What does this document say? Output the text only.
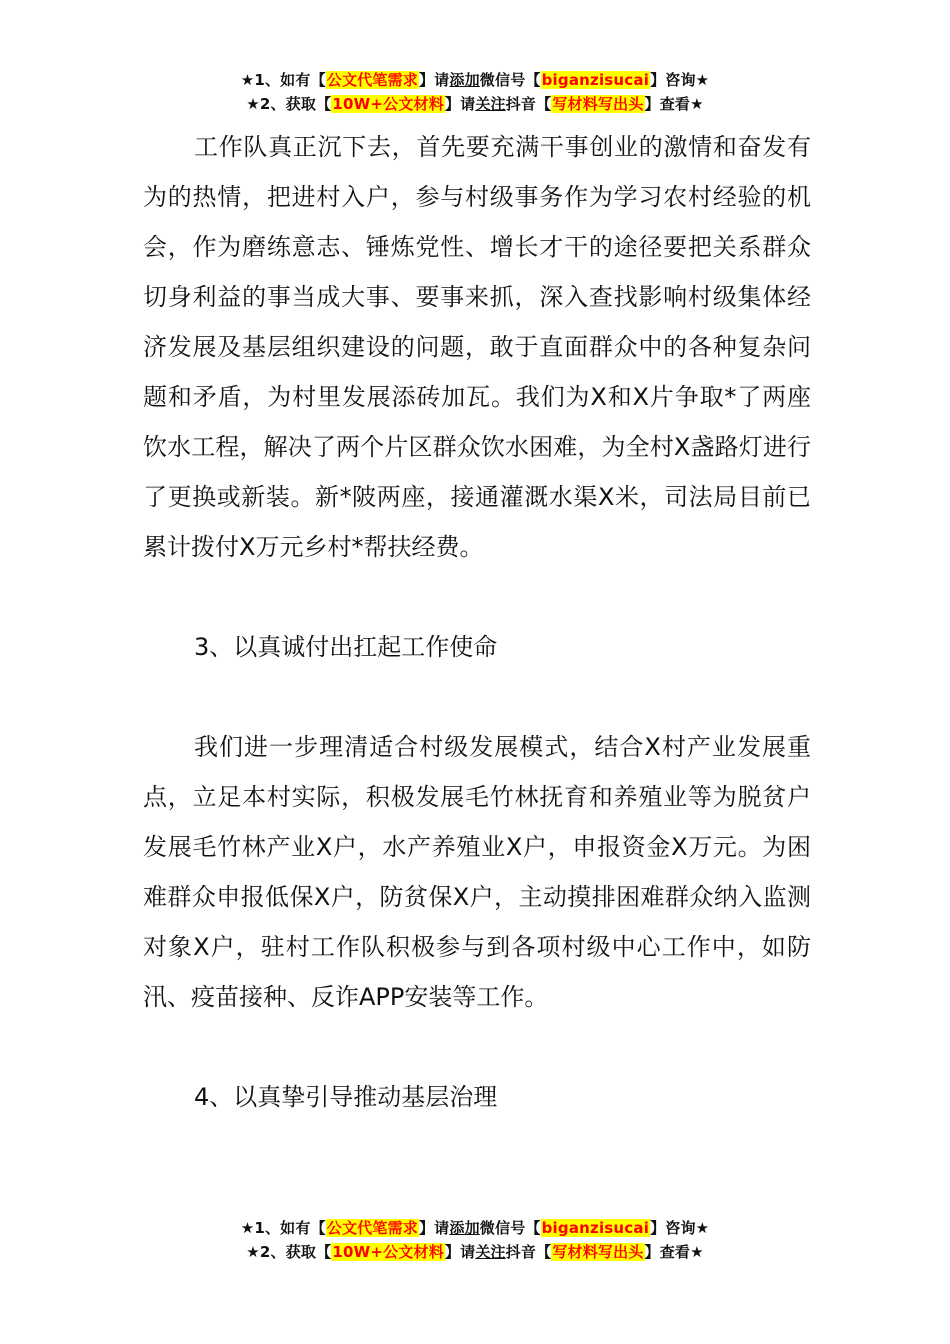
★1、如有【公文代笔需求】请添加微信号【biganzisucai】咨询★
★2、获取【10W+公文材料】请关注抖音【写材料写出头】查看★

工作队真正沉下去，首先要充满干事创业的激情和奋发有为的热情，把进村入户，参与村级事务作为学习农村经验的机会，作为磨练意志、锤炼党性、增长才干的途径要把关系群众切身利益的事当成大事、要事来抓，深入查找影响村级集体经济发展及基层组织建设的问题，敢于直面群众中的各种复杂问题和矛盾，为村里发展添砖加瓦。我们为X和X片争取*了两座饮水工程，解决了两个片区群众饮水困难，为全村X盏路灯进行了更换或新装。新*陂两座，接通灌溉水渠X米，司法局目前已累计拨付X万元乡村*帮扶经费。

3、以真诚付出扛起工作使命

我们进一步理清适合村级发展模式，结合X村产业发展重点，立足本村实际，积极发展毛竹林抚育和养殖业等为脱贫户发展毛竹林产业X户，水产养殖业X户，申报资金X万元。为困难群众申报低保X户，防贫保X户，主动摸排困难群众纳入监测对象X户，驻村工作队积极参与到各项村级中心工作中，如防汛、疫苗接种、反诈APP安装等工作。

4、以真挚引导推动基层治理

★1、如有【公文代笔需求】请添加微信号【biganzisucai】咨询★
★2、获取【10W+公文材料】请关注抖音【写材料写出头】查看★
